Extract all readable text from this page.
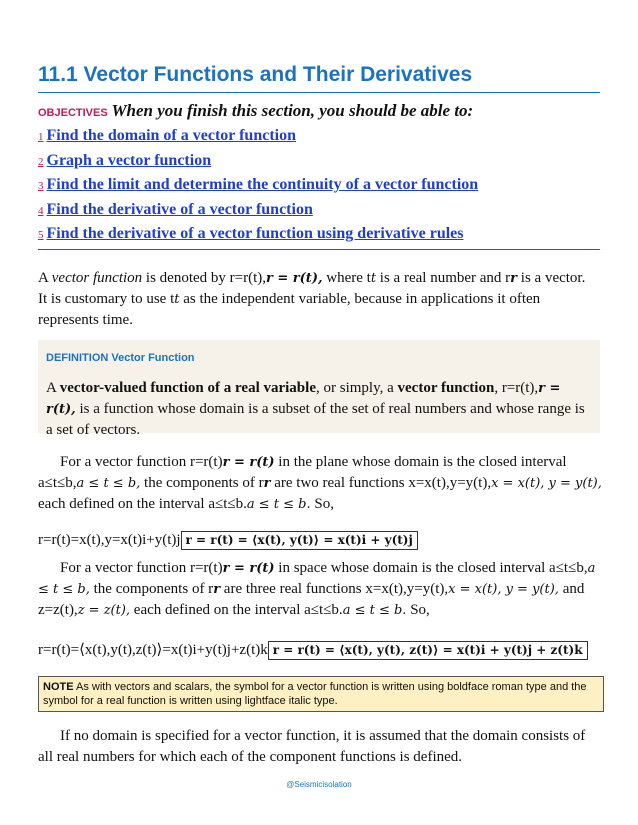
11.1 Vector Functions and Their Derivatives
OBJECTIVES When you finish this section, you should be able to:
1 Find the domain of a vector function
2 Graph a vector function
3 Find the limit and determine the continuity of a vector function
4 Find the derivative of a vector function
5 Find the derivative of a vector function using derivative rules
A vector function is denoted by r=r(t),r = r(t), where tt is a real number and rr is a vector.
It is customary to use tt as the independent variable, because in applications it often represents time.
DEFINITION Vector Function
A vector-valued function of a real variable, or simply, a vector function, r=r(t),r = r(t), is a function whose domain is a subset of the set of real numbers and whose range is a set of vectors.
For a vector function r=r(t)r = r(t) in the plane whose domain is the closed interval a≤t≤b,a ≤ t ≤ b, the components of rr are two real functions x=x(t),y=y(t),x = x(t), y = y(t), each defined on the interval a≤t≤b.a ≤ t ≤ b. So,
r=r(t)=x(t),y=x(t)i+y(t)j r = r(t) = ⟨x(t), y(t)⟩ = x(t)i + y(t)j
For a vector function r=r(t)r = r(t) in space whose domain is the closed interval a≤t≤b,a ≤ t ≤ b, the components of rr are three real functions x=x(t),y=y(t),x = x(t), y = y(t), and
z=z(t),z = z(t), each defined on the interval a≤t≤b.a ≤ t ≤ b. So,
r=r(t)=⟨x(t),y(t),z(t)⟩=x(t)i+y(t)j+z(t)k r = r(t) = ⟨x(t), y(t), z(t)⟩ = x(t)i + y(t)j + z(t)k
NOTE As with vectors and scalars, the symbol for a vector function is written using boldface roman type and the symbol for a real function is written using lightface italic type.
If no domain is specified for a vector function, it is assumed that the domain consists of all real numbers for which each of the component functions is defined.
@Seismicisolation
